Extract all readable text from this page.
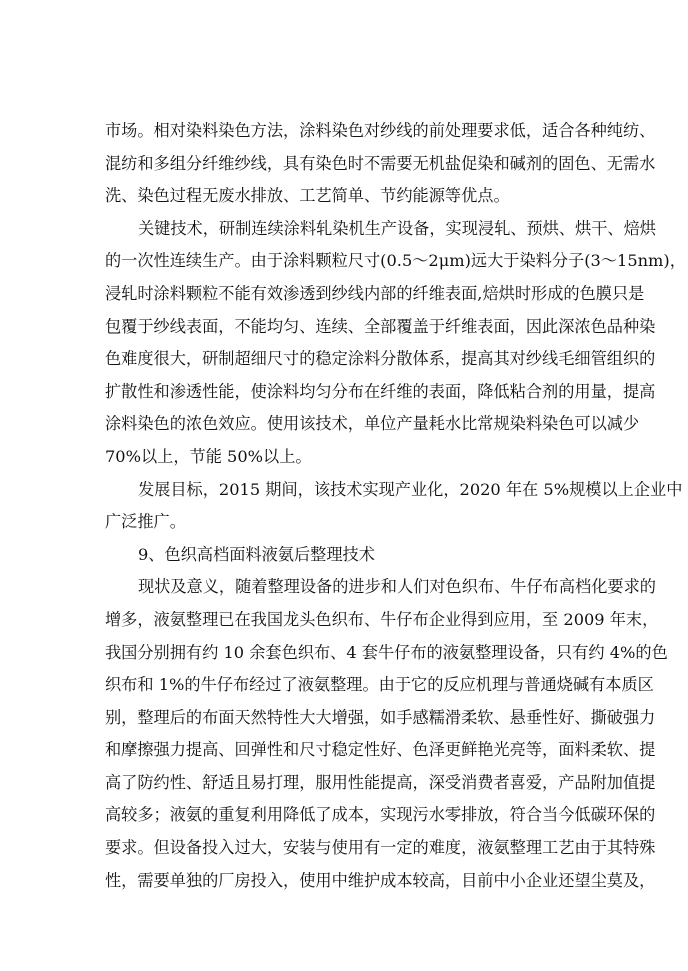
市场。相对染料染色方法，涂料染色对纱线的前处理要求低，适合各种纯纺、
混纺和多组分纤维纱线，具有染色时不需要无机盐促染和碱剂的固色、无需水
洗、染色过程无废水排放、工艺简单、节约能源等优点。
关键技术，研制连续涂料轧染机生产设备，实现浸轧、预烘、烘干、焙烘
的一次性连续生产。由于涂料颗粒尺寸(0.5～2μm)远大于染料分子(3～15nm)，
浸轧时涂料颗粒不能有效渗透到纱线内部的纤维表面,焙烘时形成的色膜只是
包覆于纱线表面，不能均匀、连续、全部覆盖于纤维表面，因此深浓色品种染
色难度很大，研制超细尺寸的稳定涂料分散体系，提高其对纱线毛细管组织的
扩散性和渗透性能，使涂料均匀分布在纤维的表面，降低粘合剂的用量，提高
涂料染色的浓色效应。使用该技术，单位产量耗水比常规染料染色可以减少
70%以上，节能 50%以上。
发展目标，2015 期间，该技术实现产业化，2020 年在 5%规模以上企业中
广泛推广。
9、色织高档面料液氨后整理技术
现状及意义，随着整理设备的进步和人们对色织布、牛仔布高档化要求的
增多，液氨整理已在我国龙头色织布、牛仔布企业得到应用，至 2009 年末，
我国分别拥有约 10 余套色织布、4 套牛仔布的液氨整理设备，只有约 4%的色
织布和 1%的牛仔布经过了液氨整理。由于它的反应机理与普通烧碱有本质区
别，整理后的布面天然特性大大增强，如手感糯滑柔软、悬垂性好、撕破强力
和摩擦强力提高、回弹性和尺寸稳定性好、色泽更鲜艳光亮等，面料柔软、提
高了防约性、舒适且易打理，服用性能提高，深受消费者喜爱，产品附加值提
高较多；液氨的重复利用降低了成本，实现污水零排放，符合当今低碳环保的
要求。但设备投入过大，安装与使用有一定的难度，液氨整理工艺由于其特殊
性，需要单独的厂房投入，使用中维护成本较高，目前中小企业还望尘莫及，
